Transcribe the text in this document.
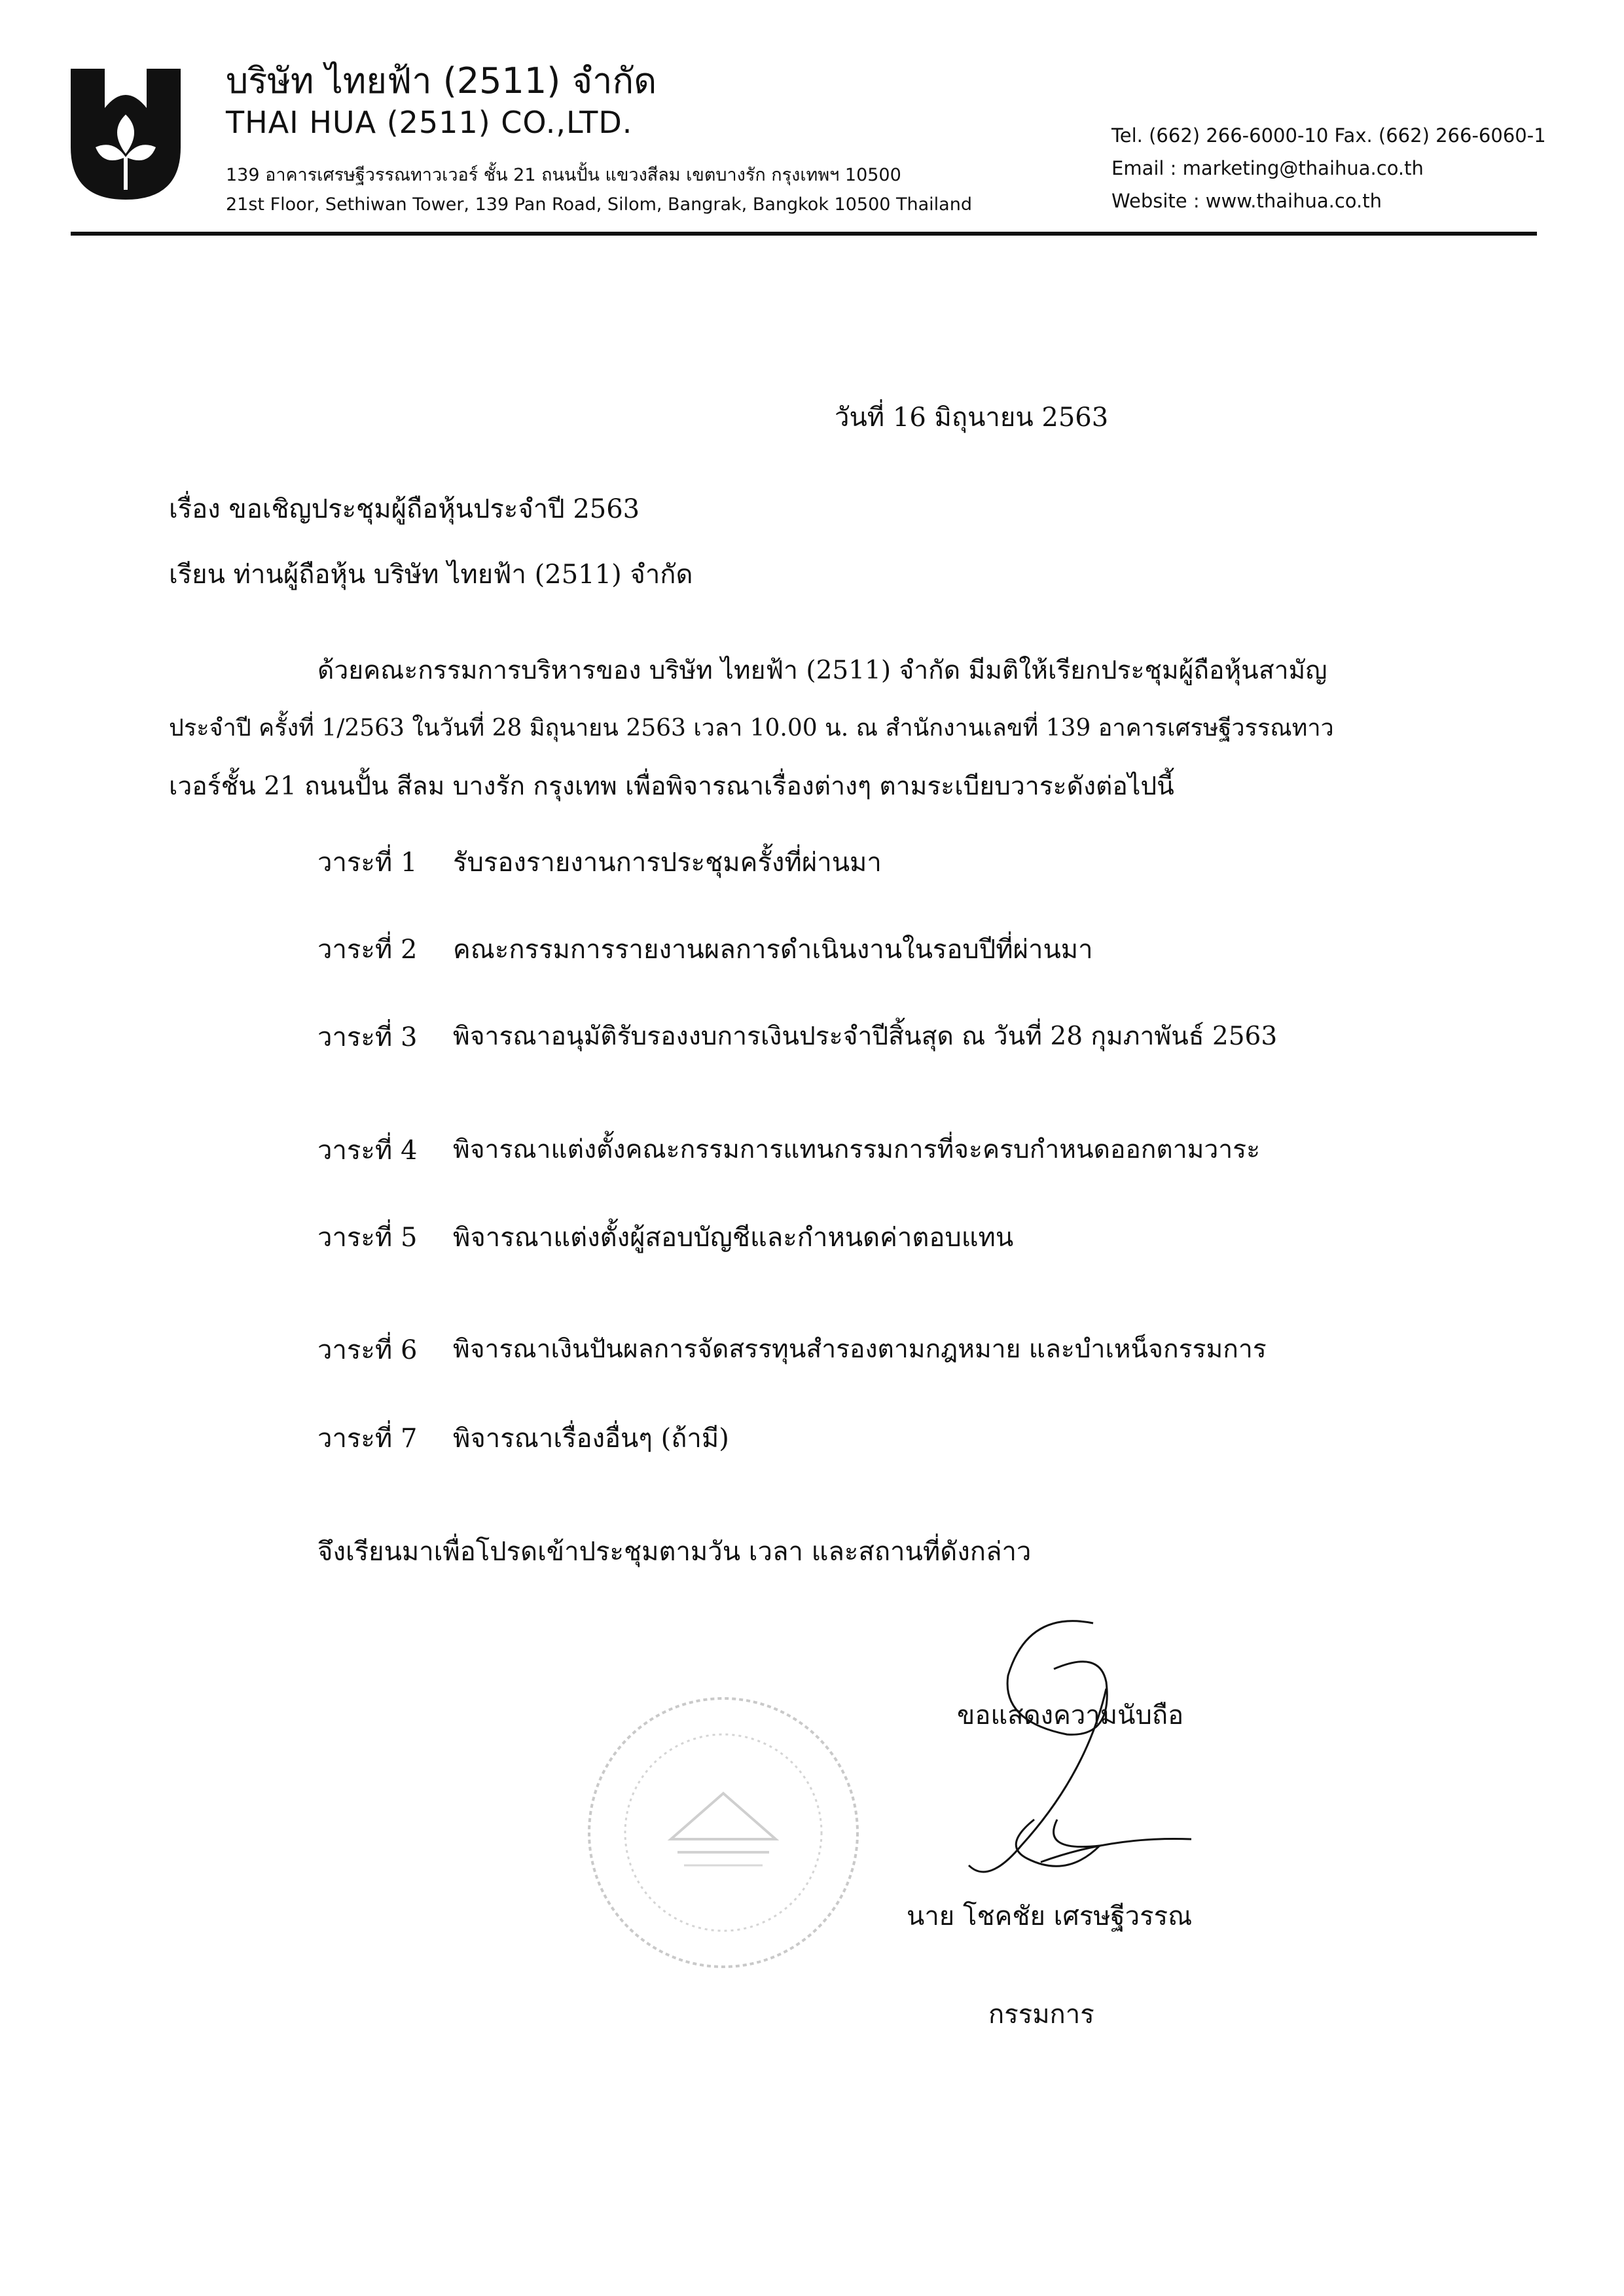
บริษัท ไทยฟ้า (2511) จำกัด
THAI HUA (2511) CO.,LTD.
139 อาคารเศรษฐีวรรณทาวเวอร์ ชั้น 21 ถนนปั้น แขวงสีลม เขตบางรัก กรุงเทพฯ 10500
21st Floor, Sethiwan Tower, 139 Pan Road, Silom, Bangrak, Bangkok 10500 Thailand
Tel. (662) 266-6000-10 Fax. (662) 266-6060-1
Email : marketing@thaihua.co.th
Website : www.thaihua.co.th
วันที่ 16 มิถุนายน 2563
เรื่อง ขอเชิญประชุมผู้ถือหุ้นประจำปี 2563
เรียน ท่านผู้ถือหุ้น บริษัท ไทยฟ้า (2511) จำกัด
ด้วยคณะกรรมการบริหารของ บริษัท ไทยฟ้า (2511) จำกัด มีมติให้เรียกประชุมผู้ถือหุ้นสามัญ
ประจำปี ครั้งที่ 1/2563 ในวันที่ 28 มิถุนายน 2563 เวลา 10.00 น. ณ สำนักงานเลขที่ 139 อาคารเศรษฐีวรรณทาว
เวอร์ชั้น 21 ถนนปั้น สีลม บางรัก กรุงเทพ เพื่อพิจารณาเรื่องต่างๆ ตามระเบียบวาระดังต่อไปนี้
วาระที่ 1 รับรองรายงานการประชุมครั้งที่ผ่านมา
วาระที่ 2 คณะกรรมการรายงานผลการดำเนินงานในรอบปีที่ผ่านมา
วาระที่ 3 พิจารณาอนุมัติรับรองงบการเงินประจำปีสิ้นสุด ณ วันที่ 28 กุมภาพันธ์ 2563
วาระที่ 4 พิจารณาแต่งตั้งคณะกรรมการแทนกรรมการที่จะครบกำหนดออกตามวาระ
วาระที่ 5 พิจารณาแต่งตั้งผู้สอบบัญชีและกำหนดค่าตอบแทน
วาระที่ 6 พิจารณาเงินปันผลการจัดสรรทุนสำรองตามกฎหมาย และบำเหน็จกรรมการ
วาระที่ 7 พิจารณาเรื่องอื่นๆ (ถ้ามี)
จึงเรียนมาเพื่อโปรดเข้าประชุมตามวัน เวลา และสถานที่ดังกล่าว
ขอแสดงความนับถือ
นาย โชคชัย เศรษฐีวรรณ
กรรมการ
